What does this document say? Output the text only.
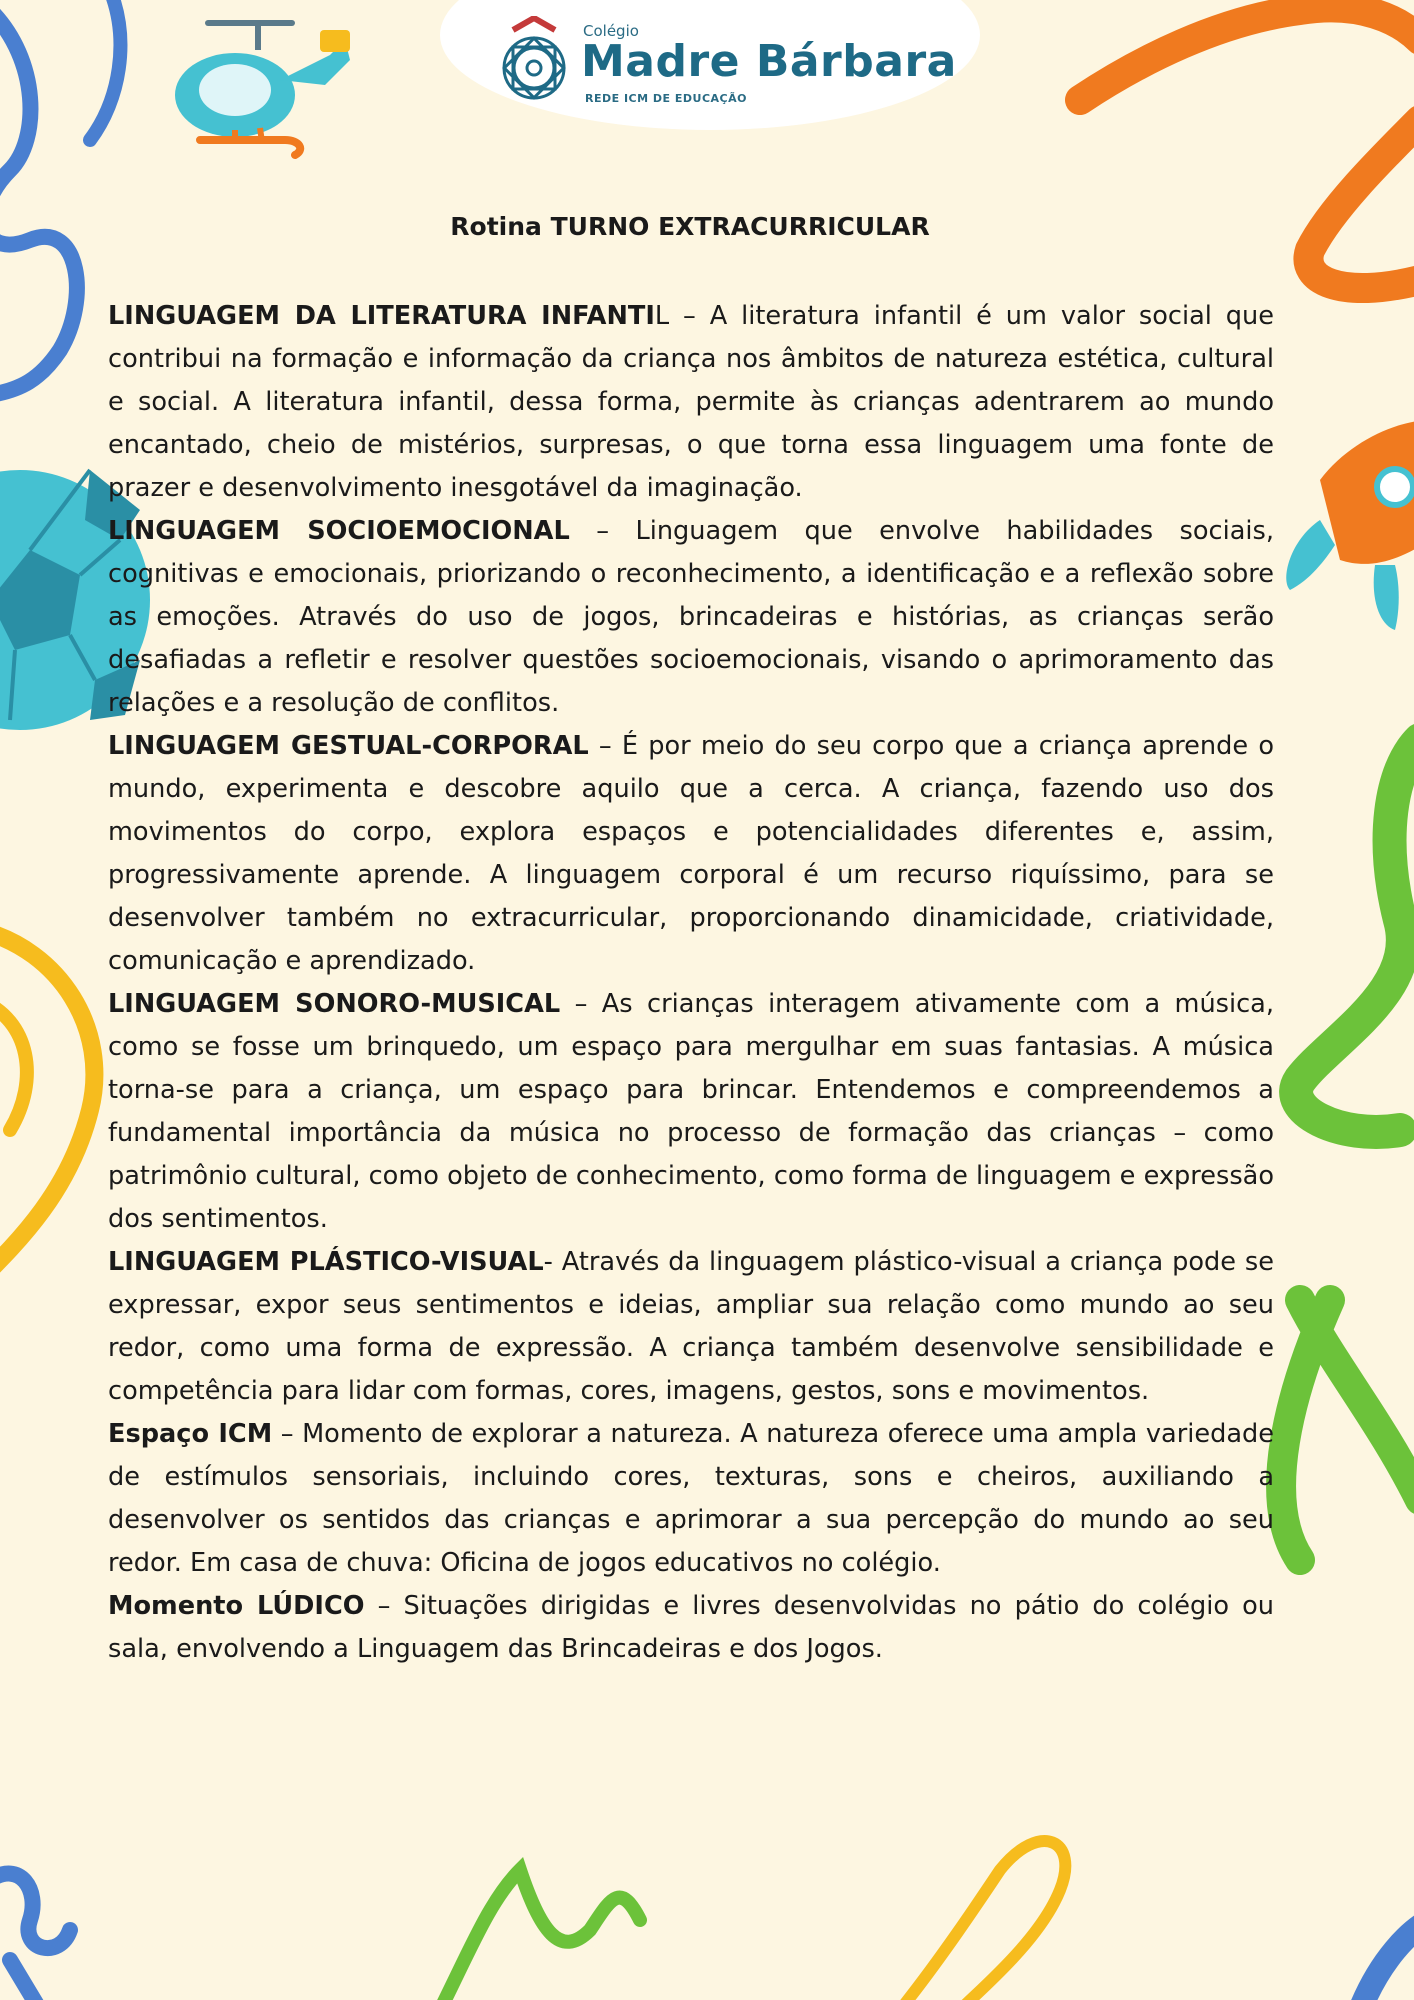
Colégio
Madre Bárbara
REDE ICM DE EDUCAÇÃO
Rotina TURNO EXTRACURRICULAR

LINGUAGEM DA LITERATURA INFANTIL – A literatura infantil é um valor social que contribui na formação e informação da criança nos âmbitos de natureza estética, cultural e social. A literatura infantil, dessa forma, permite às crianças adentrarem ao mundo encantado, cheio de mistérios, surpresas, o que torna essa linguagem uma fonte de prazer e desenvolvimento inesgotável da imaginação.

LINGUAGEM SOCIOEMOCIONAL – Linguagem que envolve habilidades sociais, cognitivas e emocionais, priorizando o reconhecimento, a identificação e a reflexão sobre as emoções. Através do uso de jogos, brincadeiras e histórias, as crianças serão desafiadas a refletir e resolver questões socioemocionais, visando o aprimoramento das relações e a resolução de conflitos.

LINGUAGEM GESTUAL-CORPORAL – É por meio do seu corpo que a criança aprende o mundo, experimenta e descobre aquilo que a cerca. A criança, fazendo uso dos movimentos do corpo, explora espaços e potencialidades diferentes e, assim, progressivamente aprende. A linguagem corporal é um recurso riquíssimo, para se desenvolver também no extracurricular, proporcionando dinamicidade, criatividade, comunicação e aprendizado.

LINGUAGEM SONORO-MUSICAL – As crianças interagem ativamente com a música, como se fosse um brinquedo, um espaço para mergulhar em suas fantasias. A música torna-se para a criança, um espaço para brincar. Entendemos e compreendemos a fundamental importância da música no processo de formação das crianças – como patrimônio cultural, como objeto de conhecimento, como forma de linguagem e expressão dos sentimentos.

LINGUAGEM PLÁSTICO-VISUAL- Através da linguagem plástico-visual a criança pode se expressar, expor seus sentimentos e ideias, ampliar sua relação como mundo ao seu redor, como uma forma de expressão. A criança também desenvolve sensibilidade e competência para lidar com formas, cores, imagens, gestos, sons e movimentos.

Espaço ICM – Momento de explorar a natureza. A natureza oferece uma ampla variedade de estímulos sensoriais, incluindo cores, texturas, sons e cheiros, auxiliando a desenvolver os sentidos das crianças e aprimorar a sua percepção do mundo ao seu redor. Em casa de chuva: Oficina de jogos educativos no colégio.

Momento LÚDICO – Situações dirigidas e livres desenvolvidas no pátio do colégio ou sala, envolvendo a Linguagem das Brincadeiras e dos Jogos.
